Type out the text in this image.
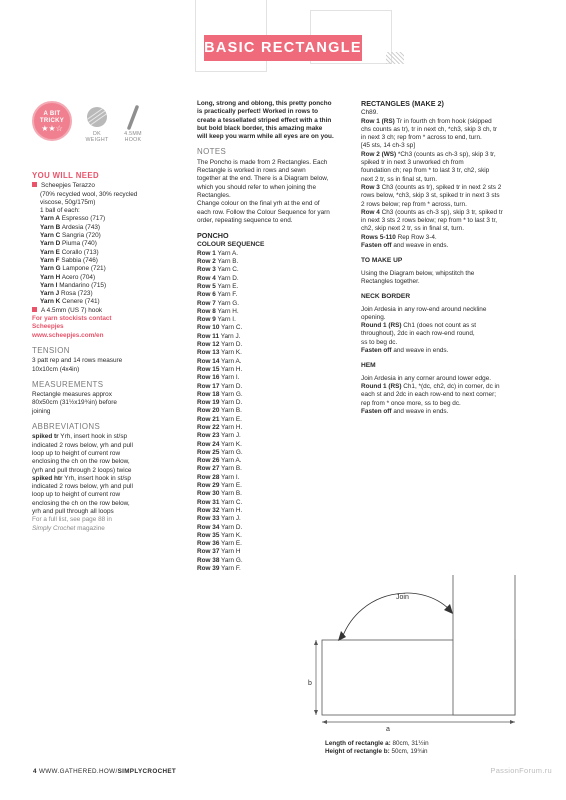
BASIC RECTANGLE
A BIT
TRICKY
★★☆
DK
WEIGHT
4.5MM
HOOK
YOU WILL NEED

Scheepjes Terazzo

(70% recycled wool, 30% recycled

viscose, 50g/175m)

1 ball of each:

Yarn A Espresso (717)

Yarn B Ardesia (743)

Yarn C Sangria (720)

Yarn D Piuma (740)

Yarn E Corallo (713)

Yarn F Sabbia (746)

Yarn G Lampone (721)

Yarn H Acero (704)

Yarn I Mandarino (715)

Yarn J Rosa (723)

Yarn K Cenere (741)

A 4.5mm (US 7) hook

For yarn stockists contact

Scheepjes

www.scheepjes.com/en

TENSION

3 patt rep and 14 rows measure

10x10cm (4x4in)

MEASUREMENTS

Rectangle measures approx

80x50cm (31½x19¾in) before

joining

ABBREVIATIONS

spiked tr Yrh, insert hook in st/sp

indicated 2 rows below, yrh and pull

loop up to height of current row

enclosing the ch on the row below,

(yrh and pull through 2 loops) twice

spiked htr Yrh, insert hook in st/sp

indicated 2 rows below, yrh and pull

loop up to height of current row

enclosing the ch on the row below,

yrh and pull through all loops

For a full list, see page 88 in

Simply Crochet magazine

Long, strong and oblong, this pretty poncho

is practically perfect! Worked in rows to

create a tessellated striped effect with a thin

but bold black border, this amazing make

will keep you warm while all eyes are on you.

NOTES

The Poncho is made from 2 Rectangles. Each

Rectangle is worked in rows and sewn

together at the end. There is a Diagram below,

which you should refer to when joining the

Rectangles.

Change colour on the final yrh at the end of

each row. Follow the Colour Sequence for yarn

order, repeating sequence to end.

PONCHO
COLOUR SEQUENCE

Row 1 Yarn A.

Row 2 Yarn B.

Row 3 Yarn C.

Row 4 Yarn D.

Row 5 Yarn E.

Row 6 Yarn F.

Row 7 Yarn G.

Row 8 Yarn H.

Row 9 Yarn I.

Row 10 Yarn C.

Row 11 Yarn J.

Row 12 Yarn D.

Row 13 Yarn K.

Row 14 Yarn A.

Row 15 Yarn H.

Row 16 Yarn I.

Row 17 Yarn D.

Row 18 Yarn G.

Row 19 Yarn D.

Row 20 Yarn B.

Row 21 Yarn E.

Row 22 Yarn H.

Row 23 Yarn J.

Row 24 Yarn K.

Row 25 Yarn G.

Row 26 Yarn A.

Row 27 Yarn B.

Row 28 Yarn I.

Row 29 Yarn E.

Row 30 Yarn B.

Row 31 Yarn C.

Row 32 Yarn H.

Row 33 Yarn J.

Row 34 Yarn D.

Row 35 Yarn K.

Row 36 Yarn E.

Row 37 Yarn H

Row 38 Yarn G.

Row 39 Yarn F.

RECTANGLES (MAKE 2)

Ch89.

Row 1 (RS) Tr in fourth ch from hook (skipped

chs counts as tr), tr in next ch, *ch3, skip 3 ch, tr

in next 3 ch; rep from * across to end, turn.

[45 sts, 14 ch-3 sp]

Row 2 (WS) *Ch3 (counts as ch-3 sp), skip 3 tr,

spiked tr in next 3 unworked ch from

foundation ch; rep from * to last 3 tr, ch2, skip

next 2 tr, ss in final st, turn.

Row 3 Ch3 (counts as tr), spiked tr in next 2 sts 2

rows below, *ch3, skip 3 st, spiked tr in next 3 sts

2 rows below; rep from * across, turn.

Row 4 Ch3 (counts as ch-3 sp), skip 3 tr, spiked tr

in next 3 sts 2 rows below; rep from * to last 3 tr,

ch2, skip next 2 tr, ss in final st, turn.

Rows 5-110 Rep Row 3-4.

Fasten off and weave in ends.

TO MAKE UP

Using the Diagram below, whipstitch the

Rectangles together.

NECK BORDER

Join Ardesia in any row-end around neckline

opening.

Round 1 (RS) Ch1 (does not count as st

throughout), 2dc in each row-end round,

ss to beg dc.

Fasten off and weave in ends.

HEM

Join Ardesia in any corner around lower edge.

Round 1 (RS) Ch1, *(dc, ch2, dc) in corner, dc in

each st and 2dc in each row-end to next corner;

rep from * once more, ss to beg dc.

Fasten off and weave in ends.

Join
a
b

Length of rectangle a: 80cm, 31½in

Height of rectangle b: 50cm, 19¾in

4 WWW.GATHERED.HOW/SIMPLYCROCHET	PassionForum.ru
